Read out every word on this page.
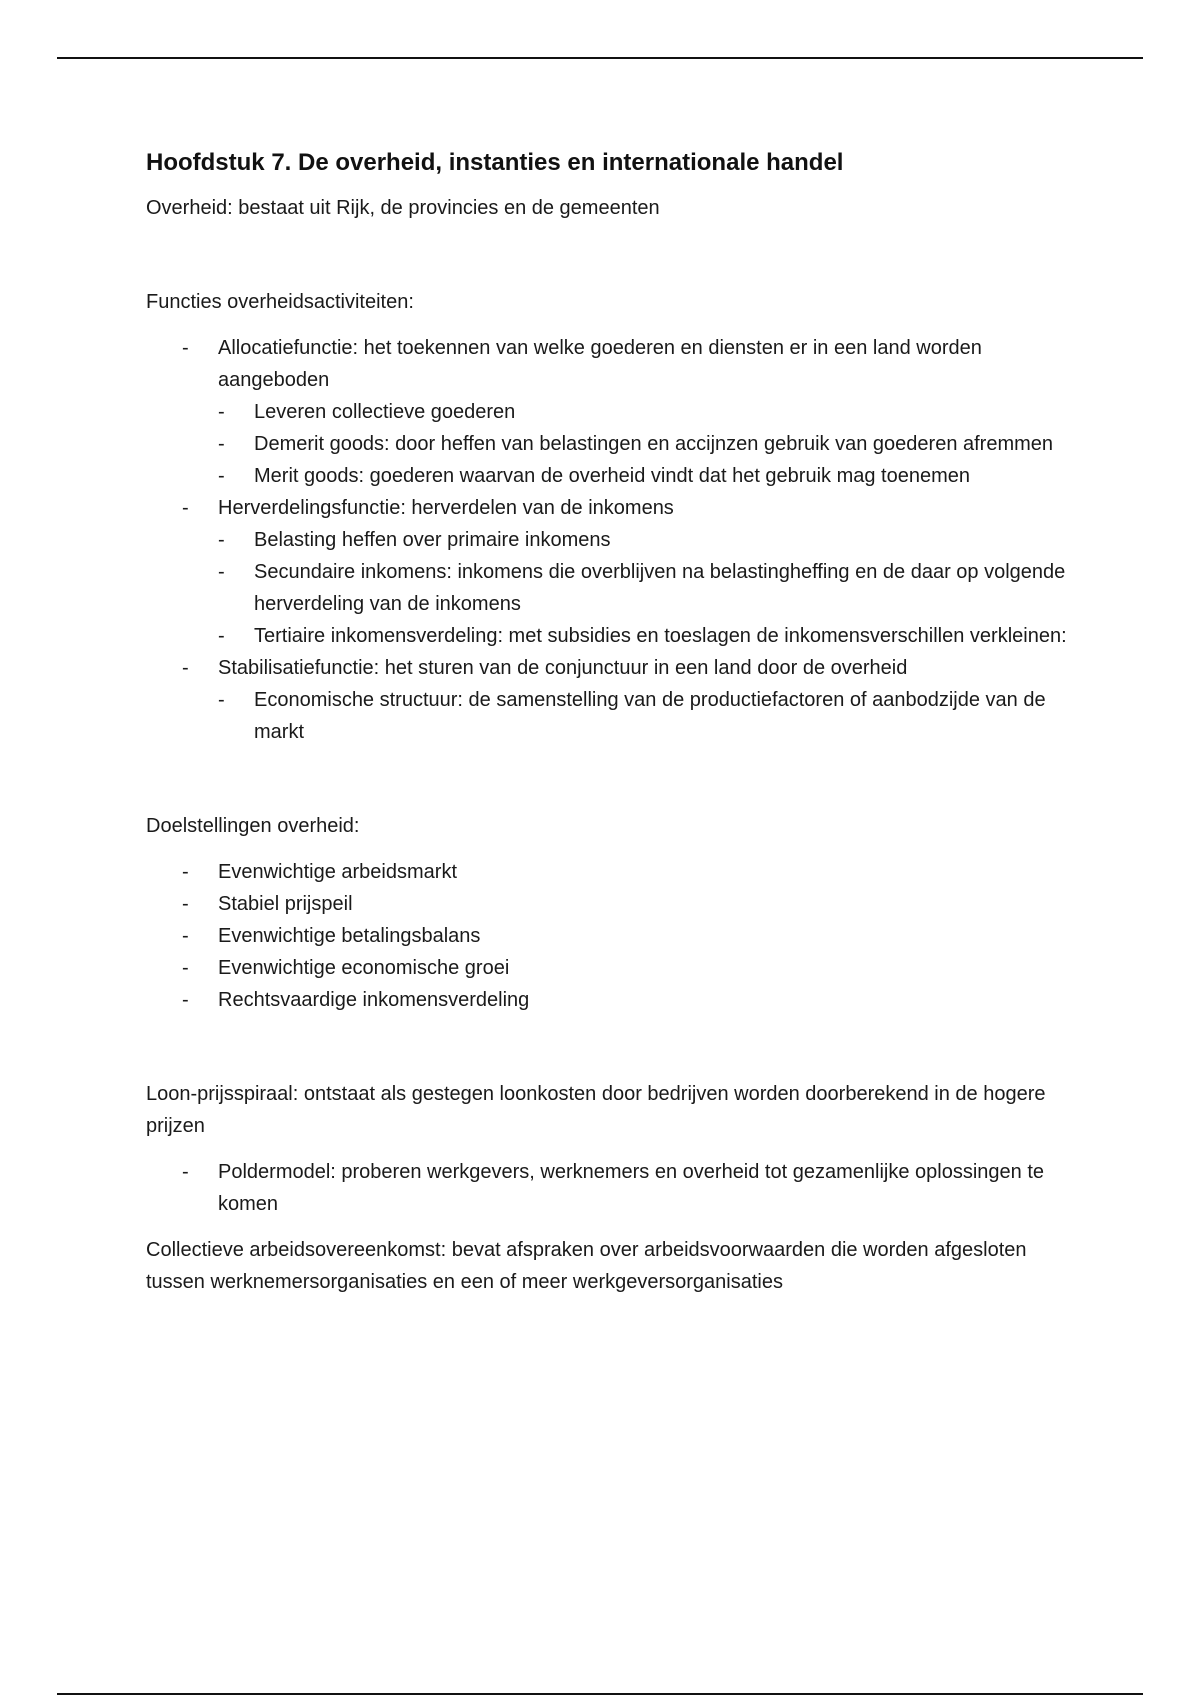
Hoofdstuk 7. De overheid, instanties en internationale handel

Overheid: bestaat uit Rijk, de provincies en de gemeenten

Functies overheidsactiviteiten:

- Allocatiefunctie: het toekennen van welke goederen en diensten er in een land worden aangeboden
- Leveren collectieve goederen
- Demerit goods: door heffen van belastingen en accijnzen gebruik van goederen afremmen
- Merit goods: goederen waarvan de overheid vindt dat het gebruik mag toenemen
- Herverdelingsfunctie: herverdelen van de inkomens
- Belasting heffen over primaire inkomens
- Secundaire inkomens: inkomens die overblijven na belastingheffing en de daar op volgende herverdeling van de inkomens
- Tertiaire inkomensverdeling: met subsidies en toeslagen de inkomensverschillen verkleinen:
- Stabilisatiefunctie: het sturen van de conjunctuur in een land door de overheid
- Economische structuur: de samenstelling van de productiefactoren of aanbodzijde van de markt

Doelstellingen overheid:

- Evenwichtige arbeidsmarkt
- Stabiel prijspeil
- Evenwichtige betalingsbalans
- Evenwichtige economische groei
- Rechtsvaardige inkomensverdeling

Loon-prijsspiraal: ontstaat als gestegen loonkosten door bedrijven worden doorberekend in de hogere prijzen

- Poldermodel: proberen werkgevers, werknemers en overheid tot gezamenlijke oplossingen te komen

Collectieve arbeidsovereenkomst: bevat afspraken over arbeidsvoorwaarden die worden afgesloten tussen werknemersorganisaties en een of meer werkgeversorganisaties
